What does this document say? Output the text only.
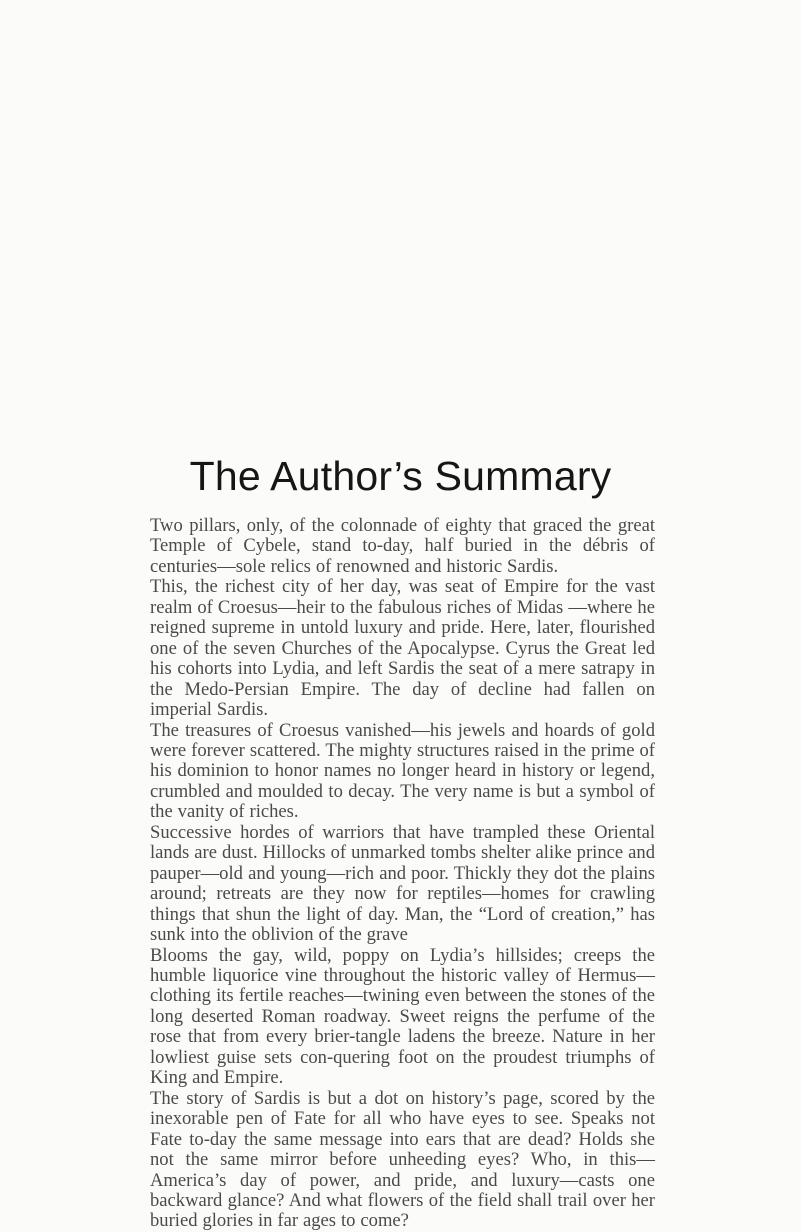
The Author’s Summary

Two pillars, only, of the colonnade of eighty that graced the great Temple of Cybele, stand to-day, half buried in the débris of centuries—sole relics of renowned and historic Sardis.

This, the richest city of her day, was seat of Empire for the vast realm of Croesus—heir to the fabulous riches of Midas —where he reigned supreme in untold luxury and pride. Here, later, flourished one of the seven Churches of the Apocalypse. Cyrus the Great led his cohorts into Lydia, and left Sardis the seat of a mere satrapy in the Medo-Persian Empire. The day of decline had fallen on imperial Sardis.

The treasures of Croesus vanished—his jewels and hoards of gold were forever scattered. The mighty structures raised in the prime of his dominion to honor names no longer heard in history or legend, crumbled and moulded to decay. The very name is but a symbol of the vanity of riches.

Successive hordes of warriors that have trampled these Oriental lands are dust. Hillocks of unmarked tombs shelter alike prince and pauper—old and young—rich and poor. Thickly they dot the plains around; retreats are they now for reptiles—homes for crawling things that shun the light of day. Man, the “Lord of creation,” has sunk into the oblivion of the grave

Blooms the gay, wild, poppy on Lydia’s hillsides; creeps the humble liquorice vine throughout the historic valley of Hermus—clothing its fertile reaches—twining even between the stones of the long deserted Roman roadway. Sweet reigns the perfume of the rose that from every brier-tangle ladens the breeze. Nature in her lowliest guise sets con-quering foot on the proudest triumphs of King and Empire.

The story of Sardis is but a dot on history’s page, scored by the inexorable pen of Fate for all who have eyes to see. Speaks not Fate to-day the same message into ears that are dead? Holds she not the same mirror before unheeding eyes? Who, in this—America’s day of power, and pride, and luxury—casts one backward glance? And what flowers of the field shall trail over her buried glories in far ages to come?
